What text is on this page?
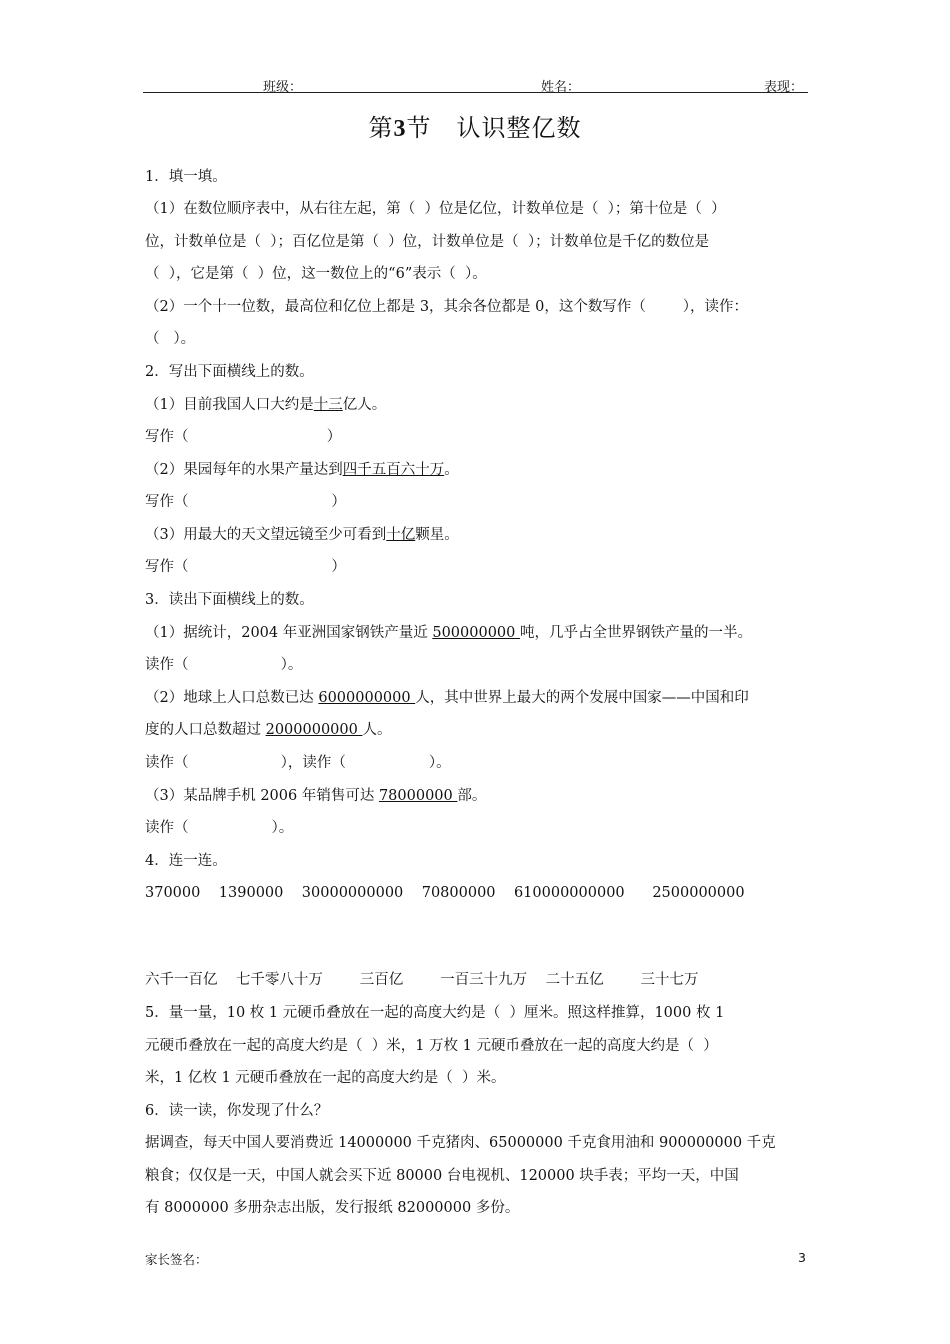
班级：	姓名：	表现：
第3节　认识整亿数
1．填一填。
（1）在数位顺序表中，从右往左起，第（  ）位是亿位，计数单位是（  ）；第十位是（  ）
位，计数单位是（  ）；百亿位是第（  ）位，计数单位是（  ）；计数单位是千亿的数位是
（  ），它是第（  ）位，这一数位上的“6”表示（  ）。
（2）一个十一位数，最高位和亿位上都是 3，其余各位都是 0，这个数写作（        ），读作：
（   ）。
2．写出下面横线上的数。
（1）目前我国人口大约是十三亿人。
写作（                              ）
（2）果园每年的水果产量达到四千五百六十万。
写作（                               ）
（3）用最大的天文望远镜至少可看到十亿颗星。
写作（                               ）
3．读出下面横线上的数。
（1）据统计，2004 年亚洲国家钢铁产量近 500000000 吨，几乎占全世界钢铁产量的一半。
读作（                    ）。
（2）地球上人口总数已达 6000000000 人，其中世界上最大的两个发展中国家——中国和印
度的人口总数超过 2000000000 人。
读作（                    ），读作（                  ）。
（3）某品牌手机 2006 年销售可达 78000000 部。
读作（                  ）。
4．连一连。
370000    1390000    30000000000    70800000    610000000000      2500000000
六千一百亿    七千零八十万        三百亿        一百三十九万    二十五亿        三十七万
5．量一量，10 枚 1 元硬币叠放在一起的高度大约是（  ）厘米。照这样推算，1000 枚 1
元硬币叠放在一起的高度大约是（  ）米，1 万枚 1 元硬币叠放在一起的高度大约是（  ）
米，1 亿枚 1 元硬币叠放在一起的高度大约是（  ）米。
6．读一读，你发现了什么？
据调查，每天中国人要消费近 14000000 千克猪肉、65000000 千克食用油和 900000000 千克
粮食；仅仅是一天，中国人就会买下近 80000 台电视机、120000 块手表；平均一天，中国
有 8000000 多册杂志出版，发行报纸 82000000 多份。
家长签名：	3
